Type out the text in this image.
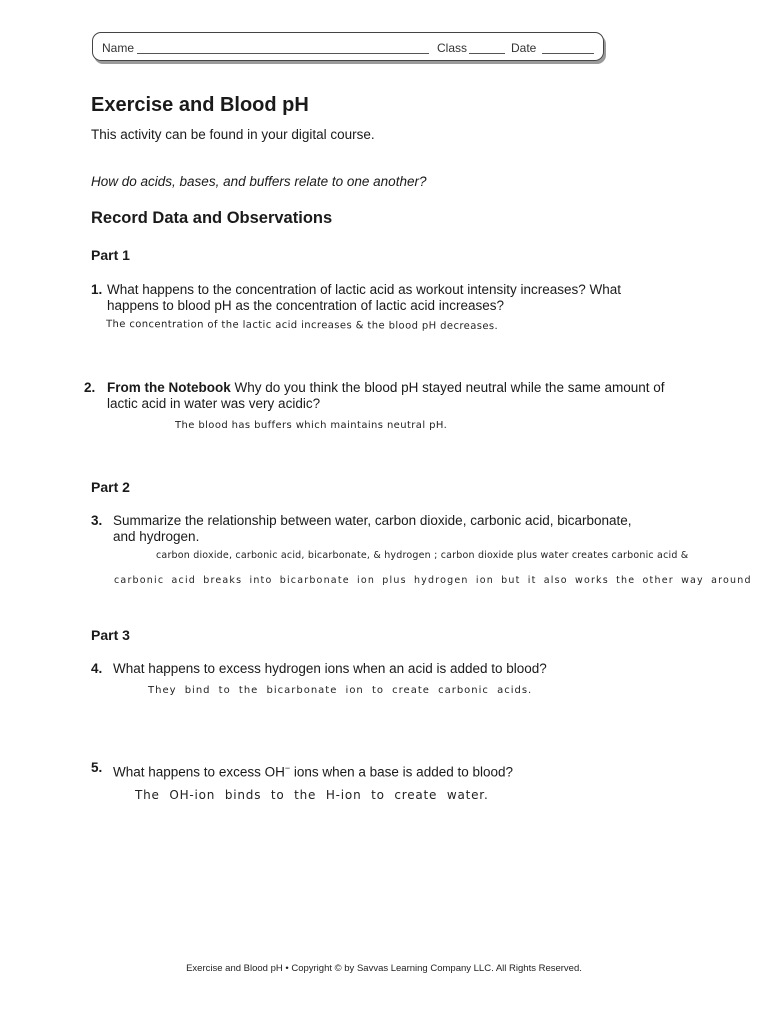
Name	Class	Date
Exercise and Blood pH
This activity can be found in your digital course.
How do acids, bases, and buffers relate to one another?
Record Data and Observations
Part 1
1. What happens to the concentration of lactic acid as workout intensity increases? What
happens to blood pH as the concentration of lactic acid increases?
The concentration of the lactic acid increases & the blood pH decreases.
2. From the Notebook Why do you think the blood pH stayed neutral while the same amount of
lactic acid in water was very acidic?
The blood has buffers which maintains neutral pH.
Part 2
3. Summarize the relationship between water, carbon dioxide, carbonic acid, bicarbonate,
and hydrogen.
carbon dioxide, carbonic acid, bicarbonate, & hydrogen ; carbon dioxide plus water creates carbonic acid &
carbonic acid breaks into bicarbonate ion plus hydrogen ion but it also works the other way around
Part 3
4. What happens to excess hydrogen ions when an acid is added to blood?
They bind to the bicarbonate ion to create carbonic acids.
5. What happens to excess OH− ions when a base is added to blood?
The OH-ion binds to the H-ion to create water.
Exercise and Blood pH • Copyright © by Savvas Learning Company LLC. All Rights Reserved.
